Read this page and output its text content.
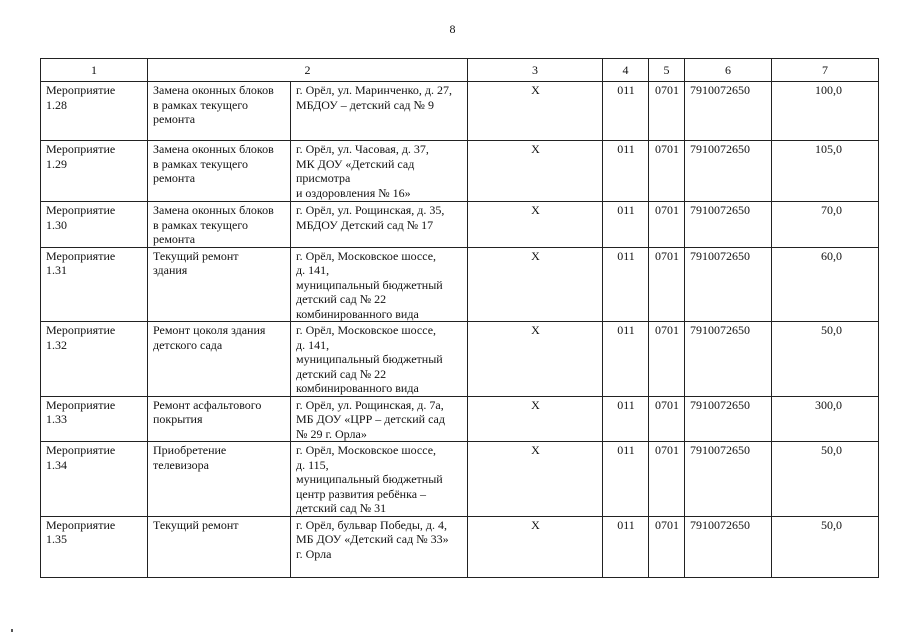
8
1	2		3	4	5	6	7

Мероприятие
1.28	Замена оконных блоков
в рамках текущего
ремонта	г. Орёл, ул. Маринченко, д. 27,
МБДОУ – детский сад № 9	Х	011	0701	7910072650	100,0

Мероприятие
1.29	Замена оконных блоков
в рамках текущего
ремонта	г. Орёл, ул. Часовая, д. 37,
МК ДОУ «Детский сад
присмотра
и оздоровления № 16»	Х	011	0701	7910072650	105,0

Мероприятие
1.30	Замена оконных блоков
в рамках текущего
ремонта	г. Орёл, ул. Рощинская, д. 35,
МБДОУ Детский сад № 17	Х	011	0701	7910072650	70,0

Мероприятие
1.31	Текущий ремонт
здания	г. Орёл, Московское шоссе,
д. 141,
муниципальный бюджетный
детский сад № 22
комбинированного вида	Х	011	0701	7910072650	60,0

Мероприятие
1.32	Ремонт цоколя здания
детского сада	г. Орёл, Московское шоссе,
д. 141,
муниципальный бюджетный
детский сад № 22
комбинированного вида	Х	011	0701	7910072650	50,0

Мероприятие
1.33	Ремонт асфальтового
покрытия	г. Орёл, ул. Рощинская, д. 7а,
МБ ДОУ «ЦРР – детский сад
№ 29 г. Орла»	Х	011	0701	7910072650	300,0

Мероприятие
1.34	Приобретение
телевизора	г. Орёл, Московское шоссе,
д. 115,
муниципальный бюджетный
центр развития ребёнка –
детский сад № 31	Х	011	0701	7910072650	50,0

Мероприятие
1.35	Текущий ремонт	г. Орёл, бульвар Победы, д. 4,
МБ ДОУ «Детский сад № 33»
г. Орла	Х	011	0701	7910072650	50,0
